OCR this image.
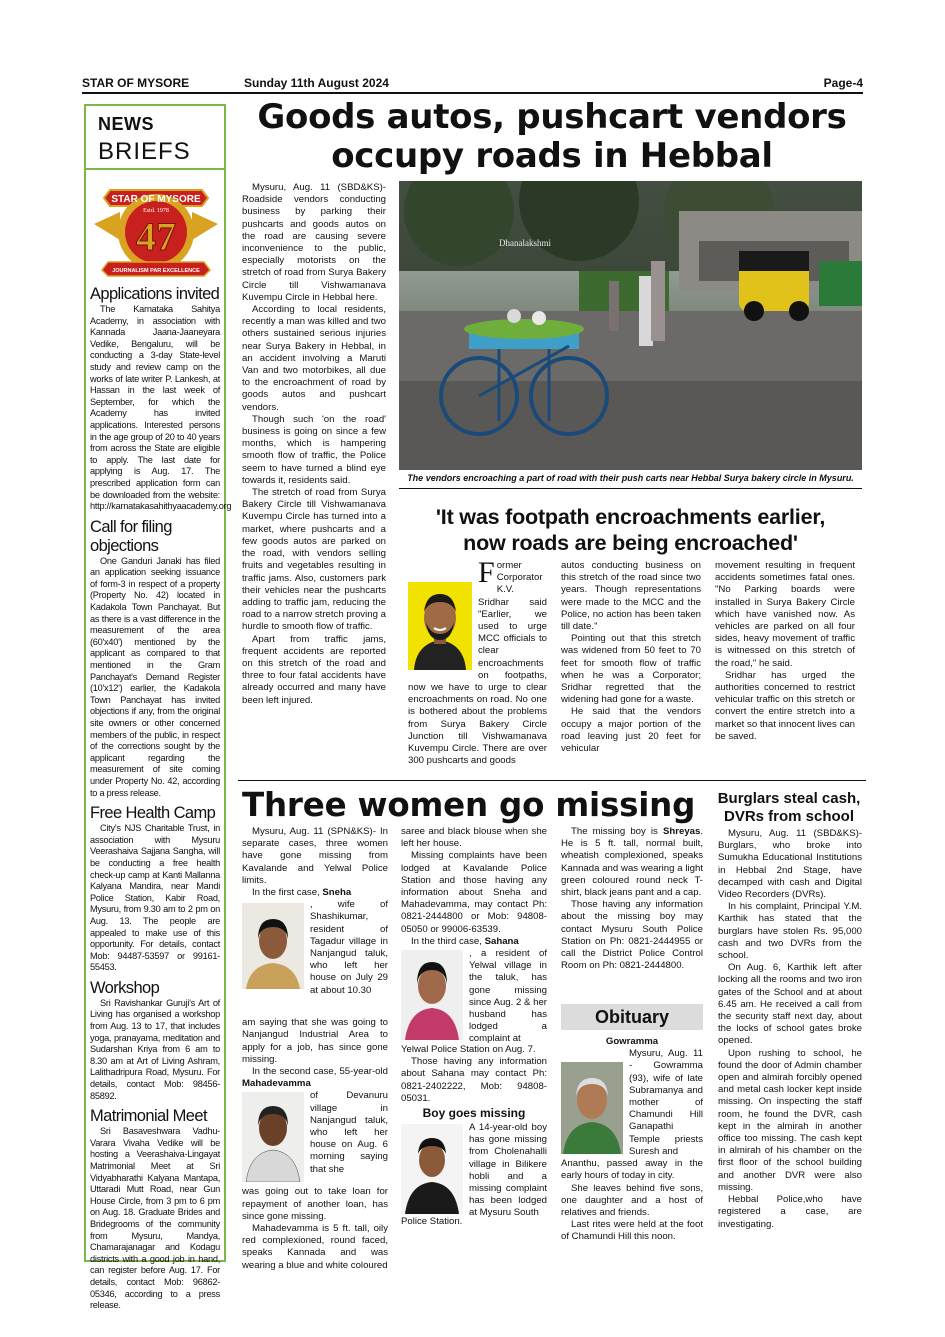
STAR OF MYSORE	Sunday 11th August 2024	Page-4
NEWS
BRIEFS
STAR OF MYSORE
Estd. 1978
47
JOURNALISM PAR EXCELLENCE
Applications invited

The Karnataka Sahitya Academy, in association with Kannada Jaana-Jaaneyara Vedike, Bengaluru, will be conducting a 3-day State-level study and review camp on the works of late writer P. Lankesh, at Hassan in the last week of September, for which the Academy has invited applications. Interested persons in the age group of 20 to 40 years from across the State are eligible to apply. The last date for applying is Aug. 17. The prescribed application form can be downloaded from the website: http://karnatakasahithyaacademy.org

Call for filing objections

One Ganduri Janaki has filed an application seeking issuance of form-3 in respect of a property (Property No. 42) located in Kadakola Town Panchayat. But as there is a vast difference in the measurement of the area (60'x40') mentioned by the applicant as compared to that mentioned in the Gram Panchayat's Demand Register (10'x12') earlier, the Kadakola Town Panchayat has invited objections if any, from the original site owners or other concerned members of the public, in respect of the corrections sought by the applicant regarding the measurement of site coming under Property No. 42, according to a press release.

Free Health Camp

City's NJS Charitable Trust, in association with Mysuru Veerashaiva Sajjana Sangha, will be conducting a free health check-up camp at Kanti Mallanna Kalyana Mandira, near Mandi Police Station, Kabir Road, Mysuru, from 9.30 am to 2 pm on Aug. 13. The people are appealed to make use of this opportunity. For details, contact Mob: 94487-53597 or 99161-55453.

Workshop

Sri Ravishankar Guruji's Art of Living has organised a workshop from Aug. 13 to 17, that includes yoga, pranayama, meditation and Sudarshan Kriya from 6 am to 8.30 am at Art of Living Ashram, Lalithadripura Road, Mysuru. For details, contact Mob: 98456-85892.

Matrimonial Meet

Sri Basaveshwara Vadhu-Varara Vivaha Vedike will be hosting a Veerashaiva-Lingayat Matrimonial Meet at Sri Vidyabharathi Kalyana Mantapa, Uttaradi Mutt Road, near Gun House Circle, from 3 pm to 6 pm on Aug. 18. Graduate Brides and Bridegrooms of the community from Mysuru, Mandya, Chamarajanagar and Kodagu districts with a good job in hand, can register before Aug. 17. For details, contact Mob: 96862-05346, according to a press release.

Goods autos, pushcart vendors
occupy roads in Hebbal

Mysuru, Aug. 11 (SBD&KS)- Roadside vendors conducting business by parking their pushcarts and goods autos on the road are causing severe inconvenience to the public, especially motorists on the stretch of road from Surya Bakery Circle till Vishwamanava Kuvempu Circle in Hebbal here.

According to local residents, recently a man was killed and two others sustained serious injuries near Surya Bakery in Hebbal, in an accident involving a Maruti Van and two motorbikes, all due to the encroachment of road by goods autos and pushcart vendors.

Though such 'on the road' business is going on since a few months, which is hampering smooth flow of traffic, the Police seem to have turned a blind eye towards it, residents said.

The stretch of road from Surya Bakery Circle till Vishwamanava Kuvempu Circle has turned into a market, where pushcarts and a few goods autos are parked on the road, with vendors selling fruits and vegetables resulting in traffic jams. Also, customers park their vehicles near the pushcarts adding to traffic jam, reducing the road to a narrow stretch proving a hurdle to smooth flow of traffic.

Apart from traffic jams, frequent accidents are reported on this stretch of the road and three to four fatal accidents have already occurred and many have been left injured.

Dhanalakshmi
The vendors encroaching a part of road with their push carts near Hebbal Surya bakery circle in Mysuru.
'It was footpath encroachments earlier,
now roads are being encroached'
F ormer Corporator K.V. Sridhar said "Earlier, we used to urge MCC officials to clear encroachments on footpaths, now we have to urge to clear encroachments on road. No one is bothered about the problems from Surya Bakery Circle Junction till Vishwamanava Kuvempu Circle. There are over 300 pushcarts and goods

autos conducting business on this stretch of the road since two years. Though representations were made to the MCC and the Police, no action has been taken till date."

Pointing out that this stretch was widened from 50 feet to 70 feet for smooth flow of traffic when he was a Corporator; Sridhar regretted that the widening had gone for a waste.

He said that the vendors occupy a major portion of the road leaving just 20 feet for vehicular

movement resulting in frequent accidents sometimes fatal ones. "No Parking boards were installed in Surya Bakery Circle which have vanished now. As vehicles are parked on all four sides, heavy movement of traffic is witnessed on this stretch of the road," he said.

Sridhar has urged the authorities concerned to restrict vehicular traffic on this stretch or convert the entire stretch into a market so that innocent lives can be saved.

Three women go missing

Mysuru, Aug. 11 (SPN&KS)- In separate cases, three women have gone missing from Kavalande and Yelwal Police limits.

In the first case, Sneha

, wife of Shashikumar, resident of Tagadur village in Nanjangud taluk, who left her house on July 29 at about 10.30

am saying that she was going to Nanjangud Industrial Area to apply for a job, has since gone missing.

In the second case, 55-year-old Mahadevamma

of Devanuru village in Nanjangud taluk, who left her house on Aug. 6 morning saying that she

was going out to take loan for repayment of another loan, has since gone missing.

Mahadevamma is 5 ft. tall, oily red complexioned, round faced, speaks Kannada and was wearing a blue and white coloured

saree and black blouse when she left her house.

Missing complaints have been lodged at Kavalande Police Station and those having any information about Sneha and Mahadevamma, may contact Ph: 0821-2444800 or Mob: 94808-05050 or 99006-63539.

In the third case, Sahana

, a resident of Yelwal village in the taluk, has gone missing since Aug. 2 & her husband has lodged a complaint at

Yelwal Police Station on Aug. 7.

Those having any information about Sahana may contact Ph: 0821-2402222, Mob: 94808-05031.

Boy goes missing
A 14-year-old boy has gone missing from Cholenahalli village in Bilikere hobli and a missing complaint has been lodged at Mysuru South

Police Station.

The missing boy is Shreyas. He is 5 ft. tall, normal built, wheatish complexioned, speaks Kannada and was wearing a light green coloured round neck T-shirt, black jeans pant and a cap.

Those having any information about the missing boy may contact Mysuru South Police Station on Ph: 0821-2444955 or call the District Police Control Room on Ph: 0821-2444800.

Obituary
Gowramma
Mysuru, Aug. 11 - Gowramma (93), wife of late Subramanya and mother of Chamundi Hill Ganapathi Temple priests Suresh and

Ananthu, passed away in the early hours of today in city.

She leaves behind five sons, one daughter and a host of relatives and friends.

Last rites were held at the foot of Chamundi Hill this noon.

Burglars steal cash,
DVRs from school

Mysuru, Aug. 11 (SBD&KS)- Burglars, who broke into Sumukha Educational Institutions in Hebbal 2nd Stage, have decamped with cash and Digital Video Recorders (DVRs).

In his complaint, Principal Y.M. Karthik has stated that the burglars have stolen Rs. 95,000 cash and two DVRs from the school.

On Aug. 6, Karthik left after locking all the rooms and two iron gates of the School and at about 6.45 am. He received a call from the security staff next day, about the locks of school gates broke opened.

Upon rushing to school, he found the door of Admin chamber open and almirah forcibly opened and metal cash locker kept inside missing. On inspecting the staff room, he found the DVR, cash kept in the almirah in another office too missing. The cash kept in almirah of his chamber on the first floor of the school building and another DVR were also missing.

Hebbal Police,who have registered a case, are investigating.
